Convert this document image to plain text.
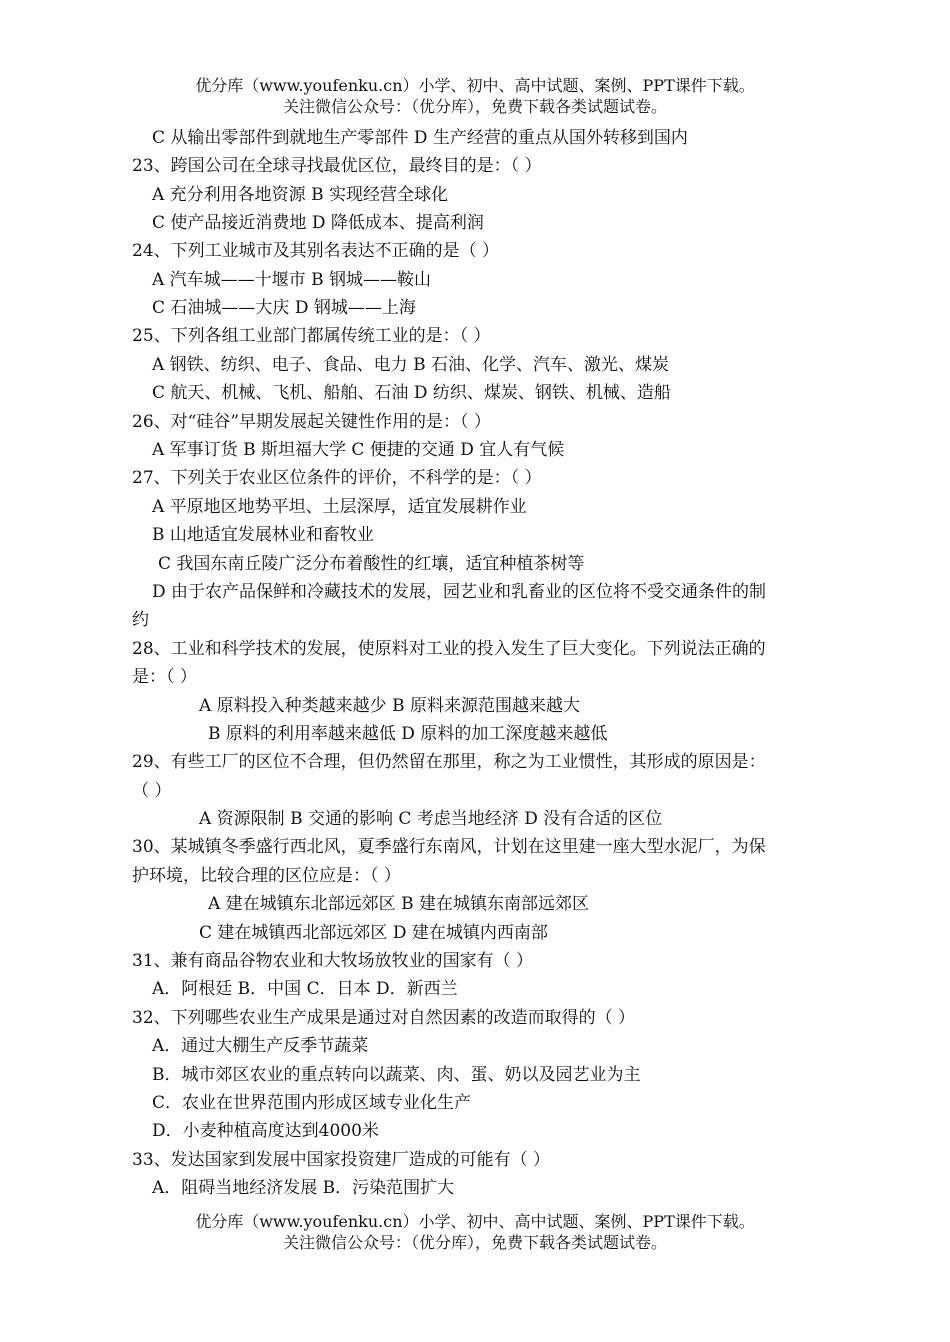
优分库（www.youfenku.cn）小学、初中、高中试题、案例、PPT课件下载。
关注微信公众号：（优分库），免费下载各类试题试卷。
C 从输出零部件到就地生产零部件 D 生产经营的重点从国外转移到国内
23、跨国公司在全球寻找最优区位，最终目的是：（ ）
A 充分利用各地资源 B 实现经营全球化
C 使产品接近消费地 D 降低成本、提高利润
24、下列工业城市及其别名表达不正确的是（ ）
A 汽车城——十堰市 B 钢城——鞍山
C 石油城——大庆 D 钢城——上海
25、下列各组工业部门都属传统工业的是：（ ）
A 钢铁、纺织、电子、食品、电力 B 石油、化学、汽车、激光、煤炭
C 航天、机械、飞机、船舶、石油 D 纺织、煤炭、钢铁、机械、造船
26、对“硅谷”早期发展起关键性作用的是：（ ）
A 军事订货 B 斯坦福大学 C 便捷的交通 D 宜人有气候
27、下列关于农业区位条件的评价，不科学的是：（ ）
A 平原地区地势平坦、土层深厚，适宜发展耕作业
B 山地适宜发展林业和畜牧业
C 我国东南丘陵广泛分布着酸性的红壤，适宜种植茶树等
D 由于农产品保鲜和冷藏技术的发展，园艺业和乳畜业的区位将不受交通条件的制
约
28、工业和科学技术的发展，使原料对工业的投入发生了巨大变化。下列说法正确的
是：（ ）
A 原料投入种类越来越少 B 原料来源范围越来越大
B 原料的利用率越来越低 D 原料的加工深度越来越低
29、有些工厂的区位不合理，但仍然留在那里，称之为工业惯性，其形成的原因是：
（ ）
A 资源限制 B 交通的影响 C 考虑当地经济 D 没有合适的区位
30、某城镇冬季盛行西北风，夏季盛行东南风，计划在这里建一座大型水泥厂，为保
护环境，比较合理的区位应是：（ ）
A 建在城镇东北部远郊区 B 建在城镇东南部远郊区
C 建在城镇西北部远郊区 D 建在城镇内西南部
31、兼有商品谷物农业和大牧场放牧业的国家有（ ）
A．阿根廷 B．中国 C．日本 D．新西兰
32、下列哪些农业生产成果是通过对自然因素的改造而取得的（ ）
A．通过大棚生产反季节蔬菜
B．城市郊区农业的重点转向以蔬菜、肉、蛋、奶以及园艺业为主
C．农业在世界范围内形成区域专业化生产
D．小麦种植高度达到4000米
33、发达国家到发展中国家投资建厂造成的可能有（ ）
A．阻碍当地经济发展 B．污染范围扩大
优分库（www.youfenku.cn）小学、初中、高中试题、案例、PPT课件下载。
关注微信公众号：（优分库），免费下载各类试题试卷。
